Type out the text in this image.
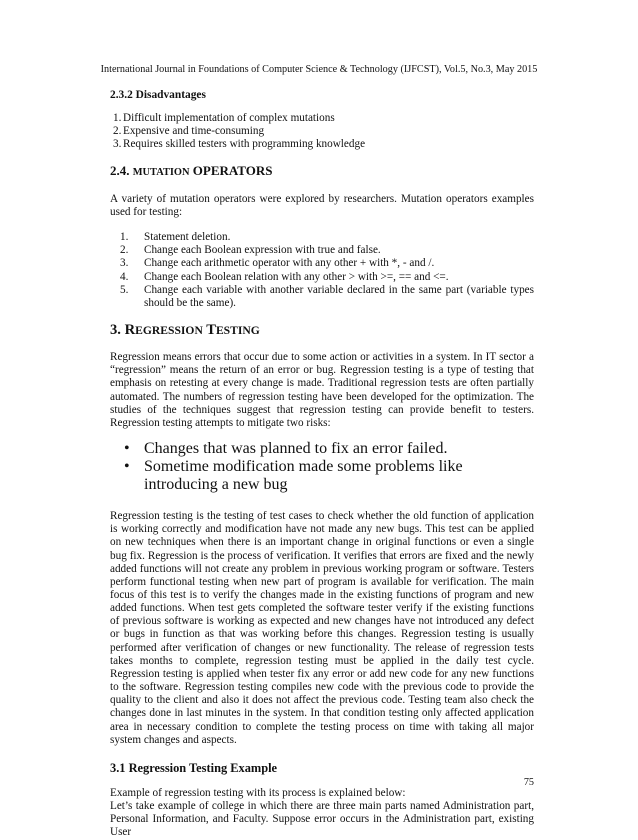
International Journal in Foundations of Computer Science & Technology (IJFCST), Vol.5, No.3, May 2015
2.3.2 Disadvantages
1. Difficult implementation of complex mutations
2. Expensive and time-consuming
3. Requires skilled testers with programming knowledge
2.4. MUTATION OPERATORS

A variety of mutation operators were explored by researchers. Mutation operators examples used for testing:

1. Statement deletion.
2. Change each Boolean expression with true and false.
3. Change each arithmetic operator with any other + with *, - and /.
4. Change each Boolean relation with any other > with >=, == and <=.
5. Change each variable with another variable declared in the same part (variable types should be the same).
3. REGRESSION TESTING

Regression means errors that occur due to some action or activities in a system. In IT sector a “regression” means the return of an error or bug. Regression testing is a type of testing that emphasis on retesting at every change is made. Traditional regression tests are often partially automated. The numbers of regression testing have been developed for the optimization. The studies of the techniques suggest that regression testing can provide benefit to testers. Regression testing attempts to mitigate two risks:

• Changes that was planned to fix an error failed.
• Sometime modification made some problems like introducing a new bug

Regression testing is the testing of test cases to check whether the old function of application is working correctly and modification have not made any new bugs. This test can be applied on new techniques when there is an important change in original functions or even a single bug fix. Regression is the process of verification. It verifies that errors are fixed and the newly added functions will not create any problem in previous working program or software. Testers perform functional testing when new part of program is available for verification. The main focus of this test is to verify the changes made in the existing functions of program and new added functions. When test gets completed the software tester verify if the existing functions of previous software is working as expected and new changes have not introduced any defect or bugs in function as that was working before this changes. Regression testing is usually performed after verification of changes or new functionality. The release of regression tests takes months to complete, regression testing must be applied in the daily test cycle. Regression testing is applied when tester fix any error or add new code for any new functions to the software. Regression testing compiles new code with the previous code to provide the quality to the client and also it does not affect the previous code. Testing team also check the changes done in last minutes in the system. In that condition testing only affected application area in necessary condition to complete the testing process on time with taking all major system changes and aspects.

3.1 Regression Testing Example

Example of regression testing with its process is explained below:

Let’s take example of college in which there are three main parts named Administration part, Personal Information, and Faculty. Suppose error occurs in the Administration part, existing User

75
